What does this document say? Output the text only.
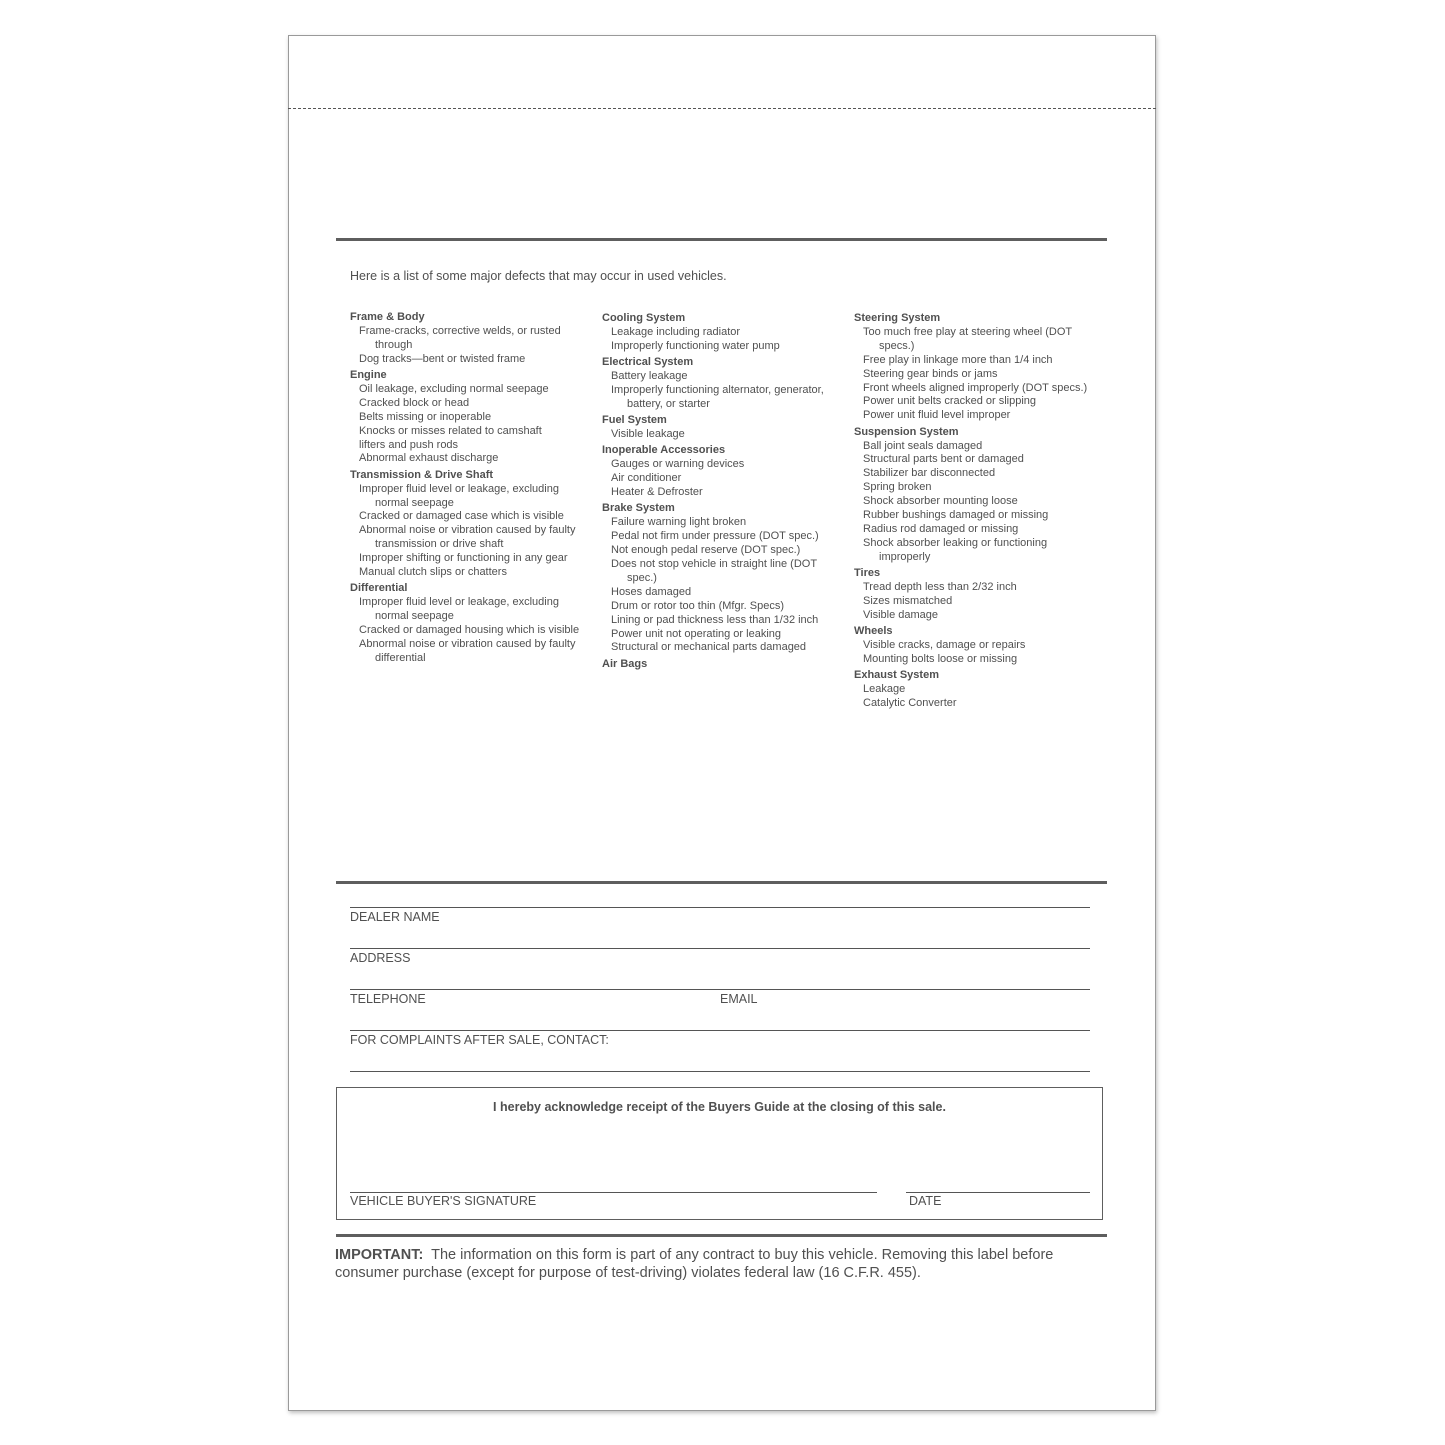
Here is a list of some major defects that may occur in used vehicles.
Frame & Body
Frame-cracks, corrective welds, or rusted through
Dog tracks—bent or twisted frame
Engine
Oil leakage, excluding normal seepage
Cracked block or head
Belts missing or inoperable
Knocks or misses related to camshaft
lifters and push rods
Abnormal exhaust discharge
Transmission & Drive Shaft
Improper fluid level or leakage, excluding normal seepage
Cracked or damaged case which is visible
Abnormal noise or vibration caused by faulty transmission or drive shaft
Improper shifting or functioning in any gear
Manual clutch slips or chatters
Differential
Improper fluid level or leakage, excluding normal seepage
Cracked or damaged housing which is visible
Abnormal noise or vibration caused by faulty differential
Cooling System
Leakage including radiator
Improperly functioning water pump
Electrical System
Battery leakage
Improperly functioning alternator, generator, battery, or starter
Fuel System
Visible leakage
Inoperable Accessories
Gauges or warning devices
Air conditioner
Heater & Defroster
Brake System
Failure warning light broken
Pedal not firm under pressure (DOT spec.)
Not enough pedal reserve (DOT spec.)
Does not stop vehicle in straight line (DOT spec.)
Hoses damaged
Drum or rotor too thin (Mfgr. Specs)
Lining or pad thickness less than 1/32 inch
Power unit not operating or leaking
Structural or mechanical parts damaged
Air Bags
Steering System
Too much free play at steering wheel (DOT specs.)
Free play in linkage more than 1/4 inch
Steering gear binds or jams
Front wheels aligned improperly (DOT specs.)
Power unit belts cracked or slipping
Power unit fluid level improper
Suspension System
Ball joint seals damaged
Structural parts bent or damaged
Stabilizer bar disconnected
Spring broken
Shock absorber mounting loose
Rubber bushings damaged or missing
Radius rod damaged or missing
Shock absorber leaking or functioning improperly
Tires
Tread depth less than 2/32 inch
Sizes mismatched
Visible damage
Wheels
Visible cracks, damage or repairs
Mounting bolts loose or missing
Exhaust System
Leakage
Catalytic Converter
DEALER NAME
ADDRESS
TELEPHONE	EMAIL
FOR COMPLAINTS AFTER SALE, CONTACT:
I hereby acknowledge receipt of the Buyers Guide at the closing of this sale.
VEHICLE BUYER'S SIGNATURE	DATE
IMPORTANT: The information on this form is part of any contract to buy this vehicle. Removing this label before consumer purchase (except for purpose of test-driving) violates federal law (16 C.F.R. 455).
